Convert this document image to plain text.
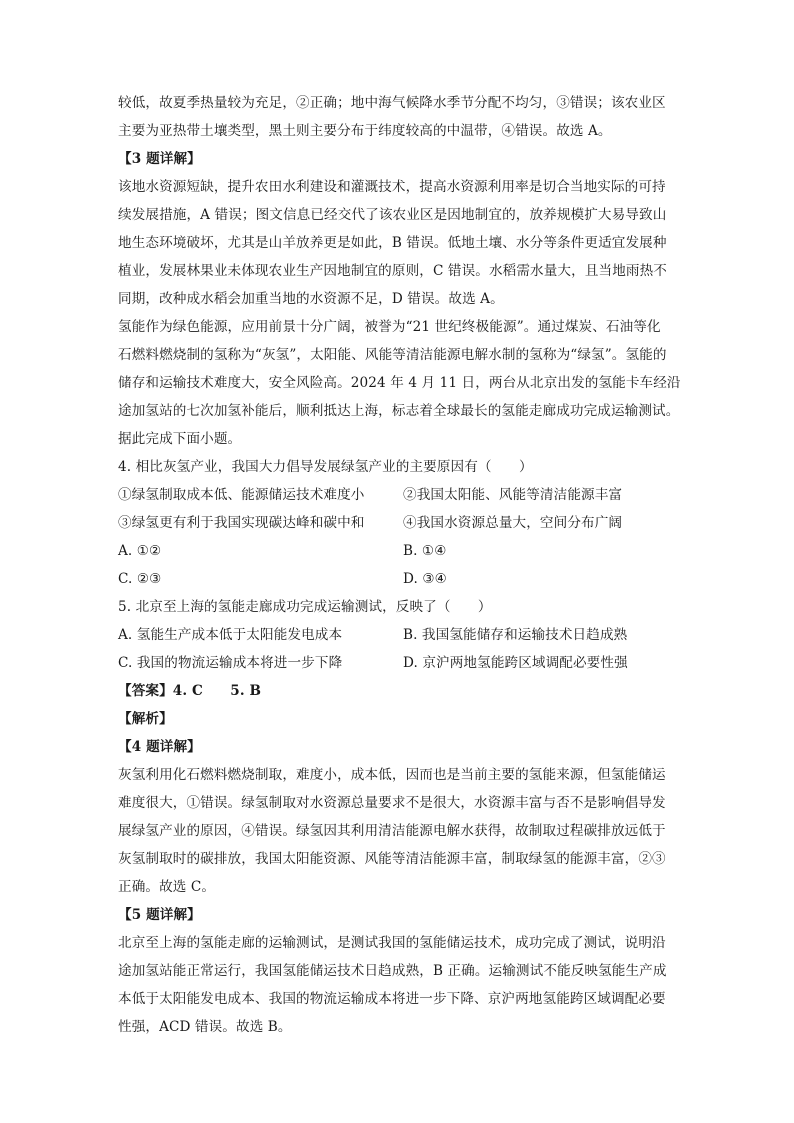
较低，故夏季热量较为充足，②正确；地中海气候降水季节分配不均匀，③错误；该农业区
主要为亚热带土壤类型，黑土则主要分布于纬度较高的中温带，④错误。故选 A。
【3 题详解】
该地水资源短缺，提升农田水利建设和灌溉技术，提高水资源利用率是切合当地实际的可持
续发展措施，A 错误；图文信息已经交代了该农业区是因地制宜的，放养规模扩大易导致山
地生态环境破坏，尤其是山羊放养更是如此，B 错误。低地土壤、水分等条件更适宜发展种
植业，发展林果业未体现农业生产因地制宜的原则，C 错误。水稻需水量大，且当地雨热不
同期，改种成水稻会加重当地的水资源不足，D 错误。故选 A。
氢能作为绿色能源，应用前景十分广阔，被誉为“21 世纪终极能源”。通过煤炭、石油等化
石燃料燃烧制的氢称为“灰氢”，太阳能、风能等清洁能源电解水制的氢称为“绿氢”。氢能的
储存和运输技术难度大，安全风险高。2024 年 4 月 11 日，两台从北京出发的氢能卡车经沿
途加氢站的七次加氢补能后，顺利抵达上海，标志着全球最长的氢能走廊成功完成运输测试。
据此完成下面小题。
4. 相比灰氢产业，我国大力倡导发展绿氢产业的主要原因有（　　）
①绿氢制取成本低、能源储运技术难度小	②我国太阳能、风能等清洁能源丰富
③绿氢更有利于我国实现碳达峰和碳中和	④我国水资源总量大，空间分布广阔
A. ①②	B. ①④
C. ②③	D. ③④
5. 北京至上海的氢能走廊成功完成运输测试，反映了（　　）
A. 氢能生产成本低于太阳能发电成本	B. 我国氢能储存和运输技术日趋成熟
C. 我国的物流运输成本将进一步下降	D. 京沪两地氢能跨区域调配必要性强
【答案】4. C　　5. B
【解析】
【4 题详解】
灰氢利用化石燃料燃烧制取，难度小，成本低，因而也是当前主要的氢能来源，但氢能储运
难度很大，①错误。绿氢制取对水资源总量要求不是很大，水资源丰富与否不是影响倡导发
展绿氢产业的原因，④错误。绿氢因其利用清洁能源电解水获得，故制取过程碳排放远低于
灰氢制取时的碳排放，我国太阳能资源、风能等清洁能源丰富，制取绿氢的能源丰富，②③
正确。故选 C。
【5 题详解】
北京至上海的氢能走廊的运输测试，是测试我国的氢能储运技术，成功完成了测试，说明沿
途加氢站能正常运行，我国氢能储运技术日趋成熟，B 正确。运输测试不能反映氢能生产成
本低于太阳能发电成本、我国的物流运输成本将进一步下降、京沪两地氢能跨区域调配必要
性强，ACD 错误。故选 B。
